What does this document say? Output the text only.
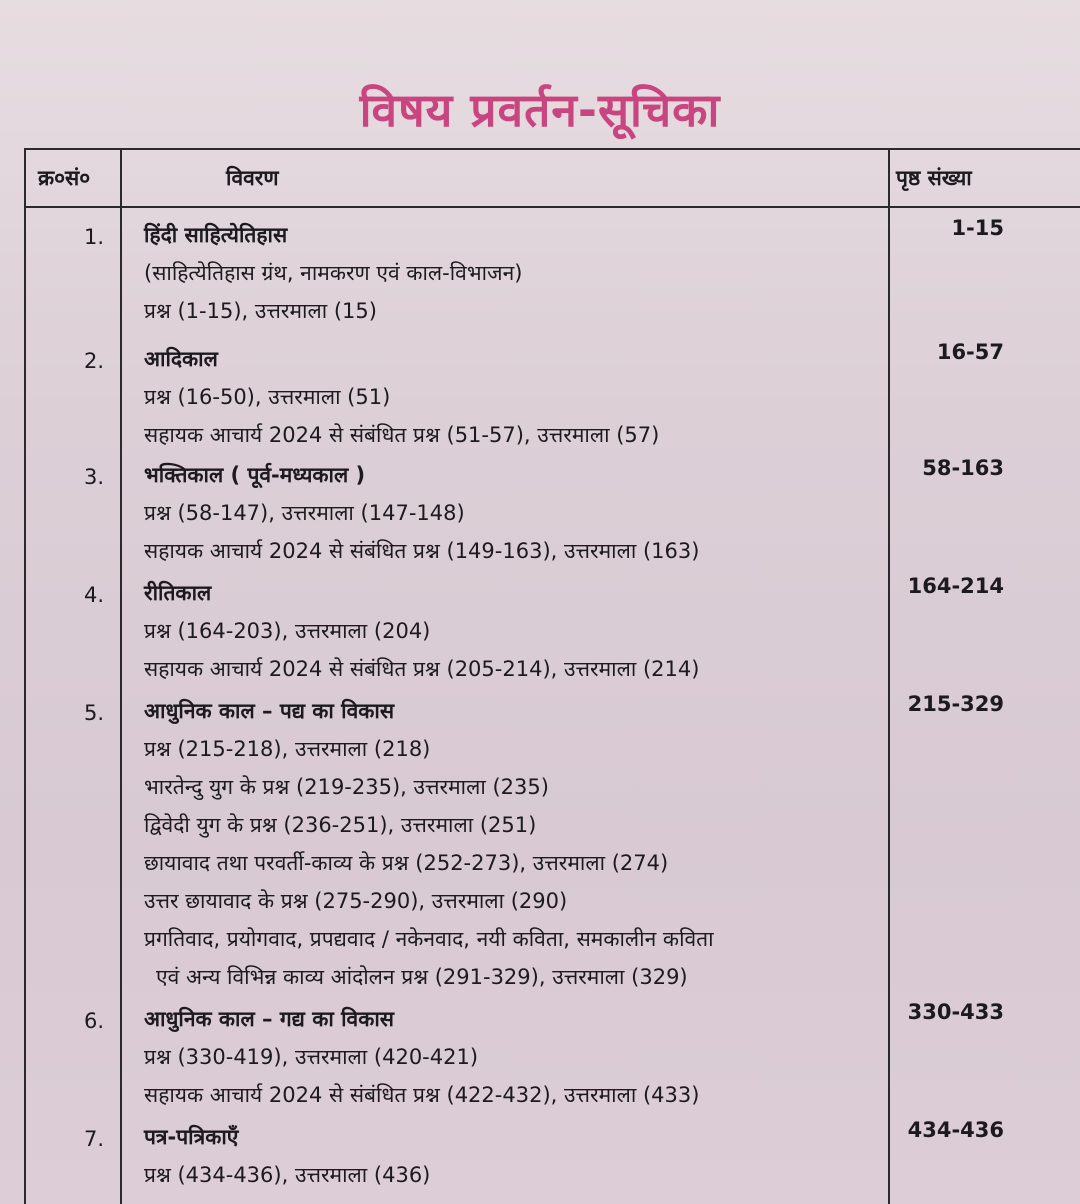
विषय प्रवर्तन-सूचिका
क्र०सं०	विवरण	पृष्ठ संख्या
1. हिंदी साहित्येतिहास
(साहित्येतिहास ग्रंथ, नामकरण एवं काल-विभाजन)
प्रश्न (1-15), उत्तरमाला (15)
1-15
2. आदिकाल
प्रश्न (16-50), उत्तरमाला (51)
सहायक आचार्य 2024 से संबंधित प्रश्न (51-57), उत्तरमाला (57)
16-57
3. भक्तिकाल ( पूर्व-मध्यकाल )
प्रश्न (58-147), उत्तरमाला (147-148)
सहायक आचार्य 2024 से संबंधित प्रश्न (149-163), उत्तरमाला (163)
58-163
4. रीतिकाल
प्रश्न (164-203), उत्तरमाला (204)
सहायक आचार्य 2024 से संबंधित प्रश्न (205-214), उत्तरमाला (214)
164-214
5. आधुनिक काल – पद्य का विकास
प्रश्न (215-218), उत्तरमाला (218)
भारतेन्दु युग के प्रश्न (219-235), उत्तरमाला (235)
द्विवेदी युग के प्रश्न (236-251), उत्तरमाला (251)
छायावाद तथा परवर्ती-काव्य के प्रश्न (252-273), उत्तरमाला (274)
उत्तर छायावाद के प्रश्न (275-290), उत्तरमाला (290)
प्रगतिवाद, प्रयोगवाद, प्रपद्यवाद / नकेनवाद, नयी कविता, समकालीन कविता
एवं अन्य विभिन्न काव्य आंदोलन प्रश्न (291-329), उत्तरमाला (329)
215-329
6. आधुनिक काल – गद्य का विकास
प्रश्न (330-419), उत्तरमाला (420-421)
सहायक आचार्य 2024 से संबंधित प्रश्न (422-432), उत्तरमाला (433)
330-433
7. पत्र-पत्रिकाएँ
प्रश्न (434-436), उत्तरमाला (436)
434-436
